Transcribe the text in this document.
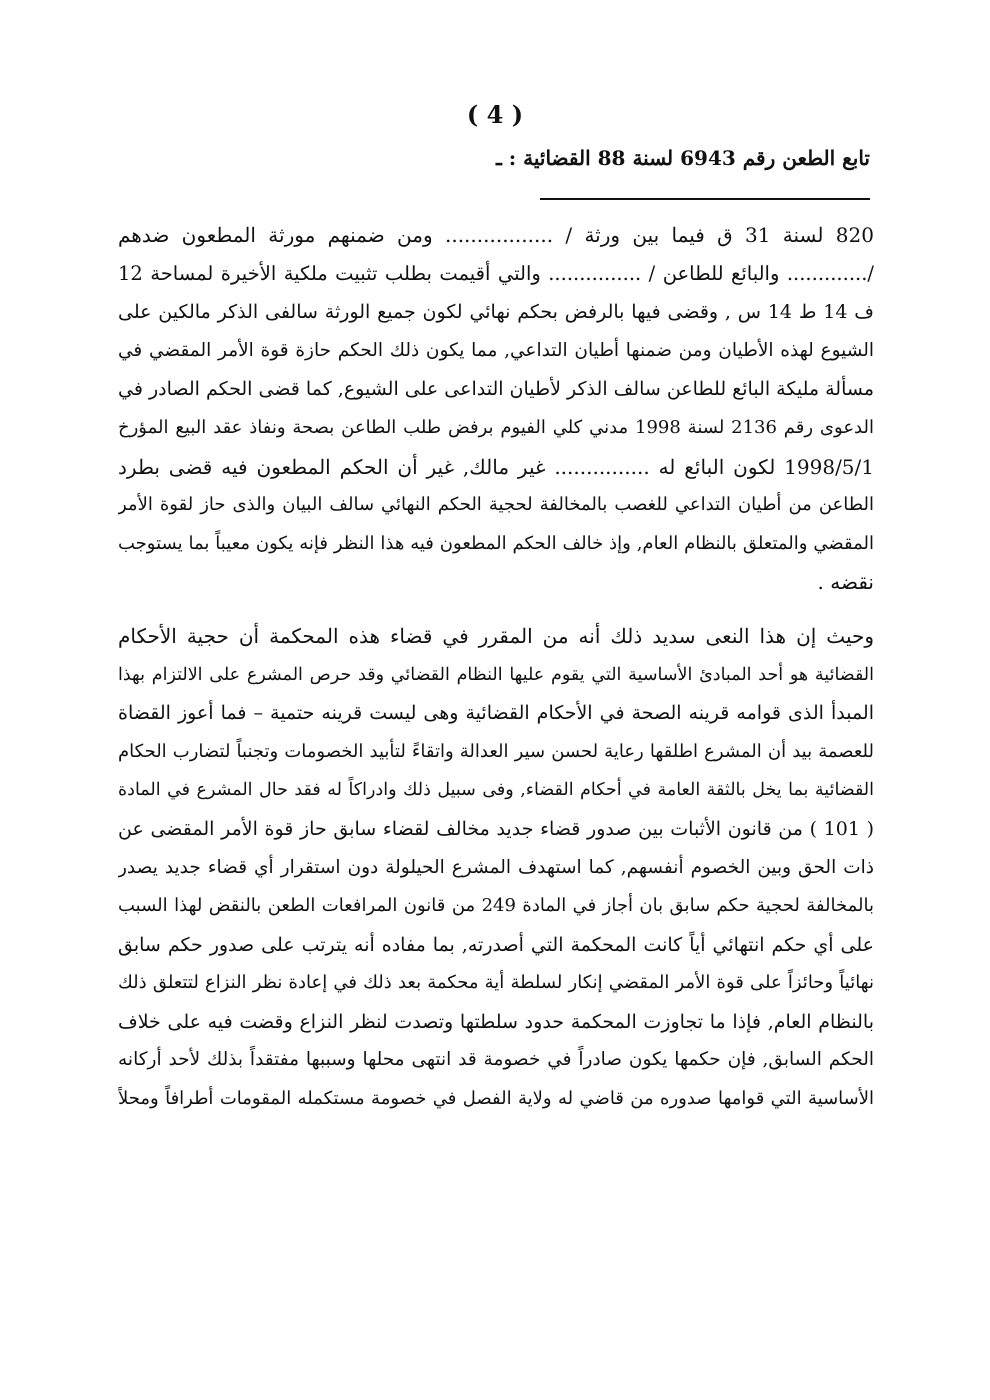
( 4 )
تابع الطعن رقم 6943 لسنة 88 القضائية : ـ
820 لسنة 31 ق فيما بين ورثة / ................. ومن ضمنهم مورثة المطعون ضدهم
/............. والبائع للطاعن / ............... والتي أقيمت بطلب تثبيت ملكية الأخيرة لمساحة 12
ف 14 ط 14 س , وقضى فيها بالرفض بحكم نهائي لكون جميع الورثة سالفى الذكر مالكين على
الشيوع لهذه الأطيان ومن ضمنها أطيان التداعي, مما يكون ذلك الحكم حازة قوة الأمر المقضي في
مسألة مليكة البائع للطاعن سالف الذكر لأطيان التداعى على الشيوع, كما قضى الحكم الصادر في
الدعوى رقم 2136 لسنة 1998 مدني كلي الفيوم برفض طلب الطاعن بصحة ونفاذ عقد البيع المؤرخ
1998/5/1 لكون البائع له ............... غير مالك, غير أن الحكم المطعون فيه قضى بطرد
الطاعن من أطيان التداعي للغصب بالمخالفة لحجية الحكم النهائي سالف البيان والذى حاز لقوة الأمر
المقضي والمتعلق بالنظام العام, وإذ خالف الحكم المطعون فيه هذا النظر فإنه يكون معيباً بما يستوجب
نقضه .
وحيث إن هذا النعى سديد ذلك أنه من المقرر في قضاء هذه المحكمة أن حجية الأحكام
القضائية هو أحد المبادئ الأساسية التي يقوم عليها النظام القضائي وقد حرص المشرع على الالتزام بهذا
المبدأ الذى قوامه قرينه الصحة في الأحكام القضائية وهى ليست قرينه حتمية – فما أعوز القضاة
للعصمة بيد أن المشرع اطلقها رعاية لحسن سير العدالة واتقاءً لتأبيد الخصومات وتجنباً لتضارب الحكام
القضائية بما يخل بالثقة العامة في أحكام القضاء, وفى سبيل ذلك وادراكاً له فقد حال المشرع في المادة
( 101 ) من قانون الأثبات بين صدور قضاء جديد مخالف لقضاء سابق حاز قوة الأمر المقضى عن
ذات الحق وبين الخصوم أنفسهم, كما استهدف المشرع الحيلولة دون استقرار أي قضاء جديد يصدر
بالمخالفة لحجية حكم سابق بان أجاز في المادة 249 من قانون المرافعات الطعن بالنقض لهذا السبب
على أي حكم انتهائي أياً كانت المحكمة التي أصدرته, بما مفاده أنه يترتب على صدور حكم سابق
نهائياً وحائزاً على قوة الأمر المقضي إنكار لسلطة أية محكمة بعد ذلك في إعادة نظر النزاع لتتعلق ذلك
بالنظام العام, فإذا ما تجاوزت المحكمة حدود سلطتها وتصدت لنظر النزاع وقضت فيه على خلاف
الحكم السابق, فإن حكمها يكون صادراً في خصومة قد انتهى محلها وسببها مفتقداً بذلك لأحد أركانه
الأساسية التي قوامها صدوره من قاضي له ولاية الفصل في خصومة مستكمله المقومات أطرافاً ومحلاً
